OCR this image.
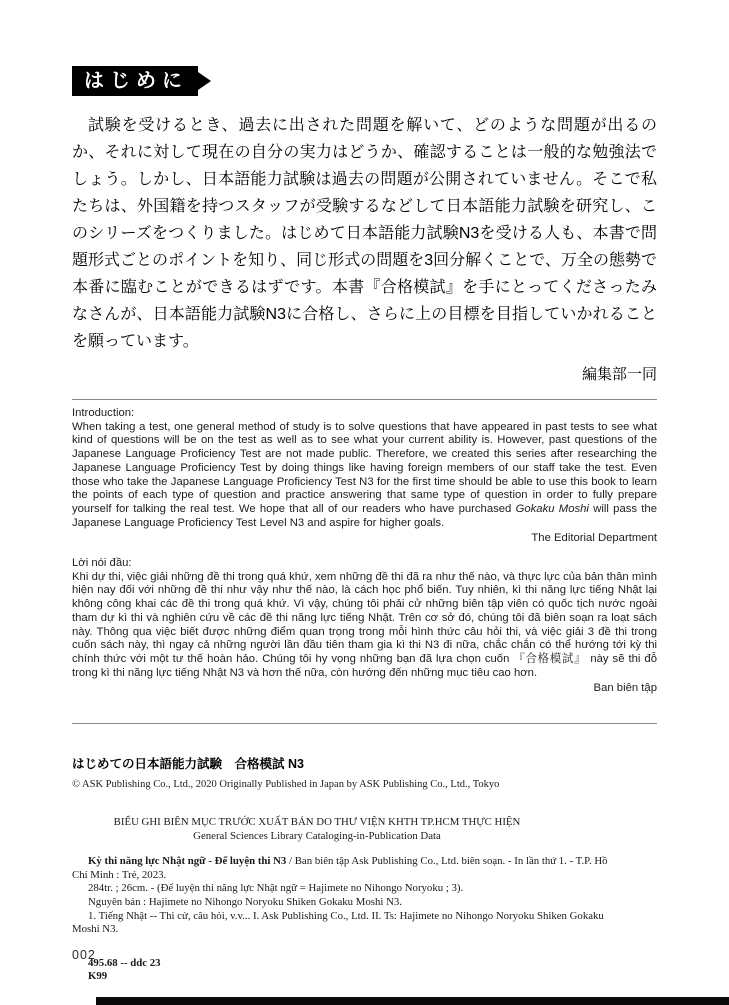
はじめに

試験を受けるとき、過去に出された問題を解いて、どのような問題が出るのか、それに対して現在の自分の実力はどうか、確認することは一般的な勉強法でしょう。しかし、日本語能力試験は過去の問題が公開されていません。そこで私たちは、外国籍を持つスタッフが受験するなどして日本語能力試験を研究し、このシリーズをつくりました。はじめて日本語能力試験N3を受ける人も、本書で問題形式ごとのポイントを知り、同じ形式の問題を3回分解くことで、万全の態勢で本番に臨むことができるはずです。本書『合格模試』を手にとってくださったみなさんが、日本語能力試験N3に合格し、さらに上の目標を目指していかれることを願っています。

編集部一同

Introduction:

When taking a test, one general method of study is to solve questions that have appeared in past tests to see what kind of questions will be on the test as well as to see what your current ability is. However, past questions of the Japanese Language Proficiency Test are not made public. Therefore, we created this series after researching the Japanese Language Proficiency Test by doing things like having foreign members of our staff take the test. Even those who take the Japanese Language Proficiency Test N3 for the first time should be able to use this book to learn the points of each type of question and practice answering that same type of question in order to fully prepare yourself for talking the real test. We hope that all of our readers who have purchased Gokaku Moshi will pass the Japanese Language Proficiency Test Level N3 and aspire for higher goals.

The Editorial Department

Lời nói đầu:

Khi dự thi, việc giải những đề thi trong quá khứ, xem những đề thi đã ra như thế nào, và thực lực của bản thân mình hiện nay đối với những đề thi như vậy như thế nào, là cách học phổ biến. Tuy nhiên, kì thi năng lực tiếng Nhật lại không công khai các đề thi trong quá khứ. Vì vậy, chúng tôi phải cử những biên tập viên có quốc tịch nước ngoài tham dự kì thi và nghiên cứu về các đề thi năng lực tiếng Nhật. Trên cơ sở đó, chúng tôi đã biên soạn ra loạt sách này. Thông qua việc biết được những điểm quan trọng trong mỗi hình thức câu hỏi thi, và việc giải 3 đề thi trong cuốn sách này, thì ngay cả những người lần đầu tiên tham gia kì thi N3 đi nữa, chắc chắn có thể hướng tới kỳ thi chính thức với một tư thế hoàn hảo. Chúng tôi hy vọng những bạn đã lựa chọn cuốn 『合格模試』 này sẽ thi đỗ trong kì thi năng lực tiếng Nhật N3 và hơn thế nữa, còn hướng đến những mục tiêu cao hơn.

Ban biên tập

はじめての日本語能力試験　合格模試 N3

© ASK Publishing Co., Ltd., 2020 Originally Published in Japan by ASK Publishing Co., Ltd., Tokyo

BIỂU GHI BIÊN MỤC TRƯỚC XUẤT BẢN DO THƯ VIỆN KHTH TP.HCM THỰC HIỆN

General Sciences Library Cataloging-in-Publication Data

Kỳ thi năng lực Nhật ngữ - Để luyện thi N3 / Ban biên tập Ask Publishing Co., Ltd. biên soạn. - In lần thứ 1. - T.P. Hồ Chí Minh : Trẻ, 2023.

284tr. ; 26cm. - (Để luyện thi năng lực Nhật ngữ = Hajimete no Nihongo Noryoku ; 3).

Nguyên bản : Hajimete no Nihongo Noryoku Shiken Gokaku Moshi N3.

1. Tiếng Nhật -- Thi cử, câu hỏi, v.v... I. Ask Publishing Co., Ltd. II. Ts: Hajimete no Nihongo Noryoku Shiken Gokaku Moshi N3.

495.68 -- ddc 23

K99

002
